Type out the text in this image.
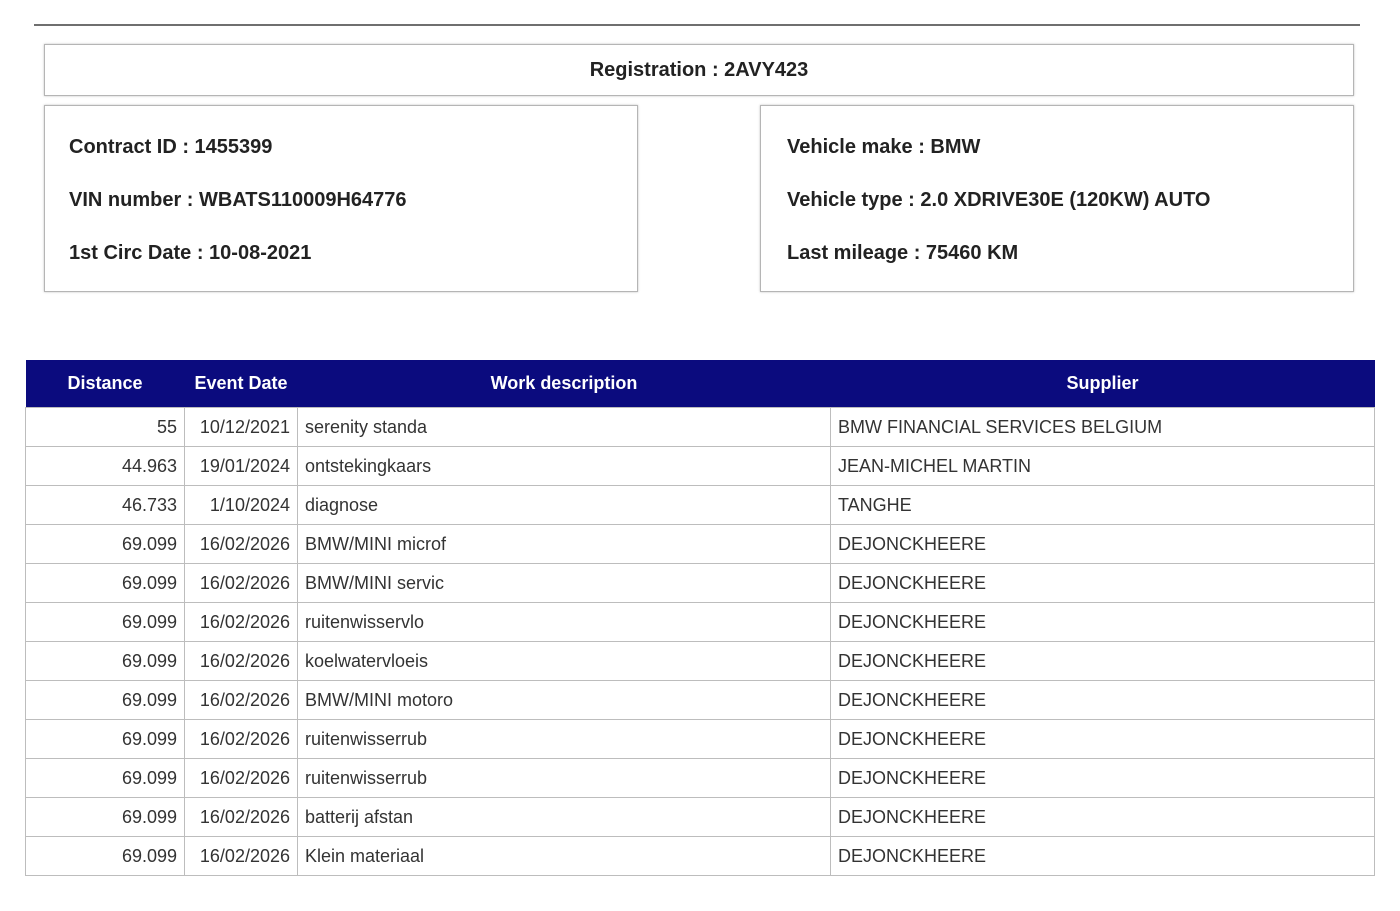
Registration : 2AVY423
Contract ID : 1455399
VIN number : WBATS110009H64776
1st Circ Date : 10-08-2021
Vehicle make : BMW
Vehicle type : 2.0 XDRIVE30E (120KW) AUTO
Last mileage : 75460 KM
Distance	Event Date	Work description	Supplier
55	10/12/2021	serenity standa	BMW FINANCIAL SERVICES BELGIUM
44.963	19/01/2024	ontstekingkaars	JEAN-MICHEL MARTIN
46.733	1/10/2024	diagnose	TANGHE
69.099	16/02/2026	BMW/MINI microf	DEJONCKHEERE
69.099	16/02/2026	BMW/MINI servic	DEJONCKHEERE
69.099	16/02/2026	ruitenwisservlo	DEJONCKHEERE
69.099	16/02/2026	koelwatervloeis	DEJONCKHEERE
69.099	16/02/2026	BMW/MINI motoro	DEJONCKHEERE
69.099	16/02/2026	ruitenwisserrub	DEJONCKHEERE
69.099	16/02/2026	ruitenwisserrub	DEJONCKHEERE
69.099	16/02/2026	batterij afstan	DEJONCKHEERE
69.099	16/02/2026	Klein materiaal	DEJONCKHEERE
